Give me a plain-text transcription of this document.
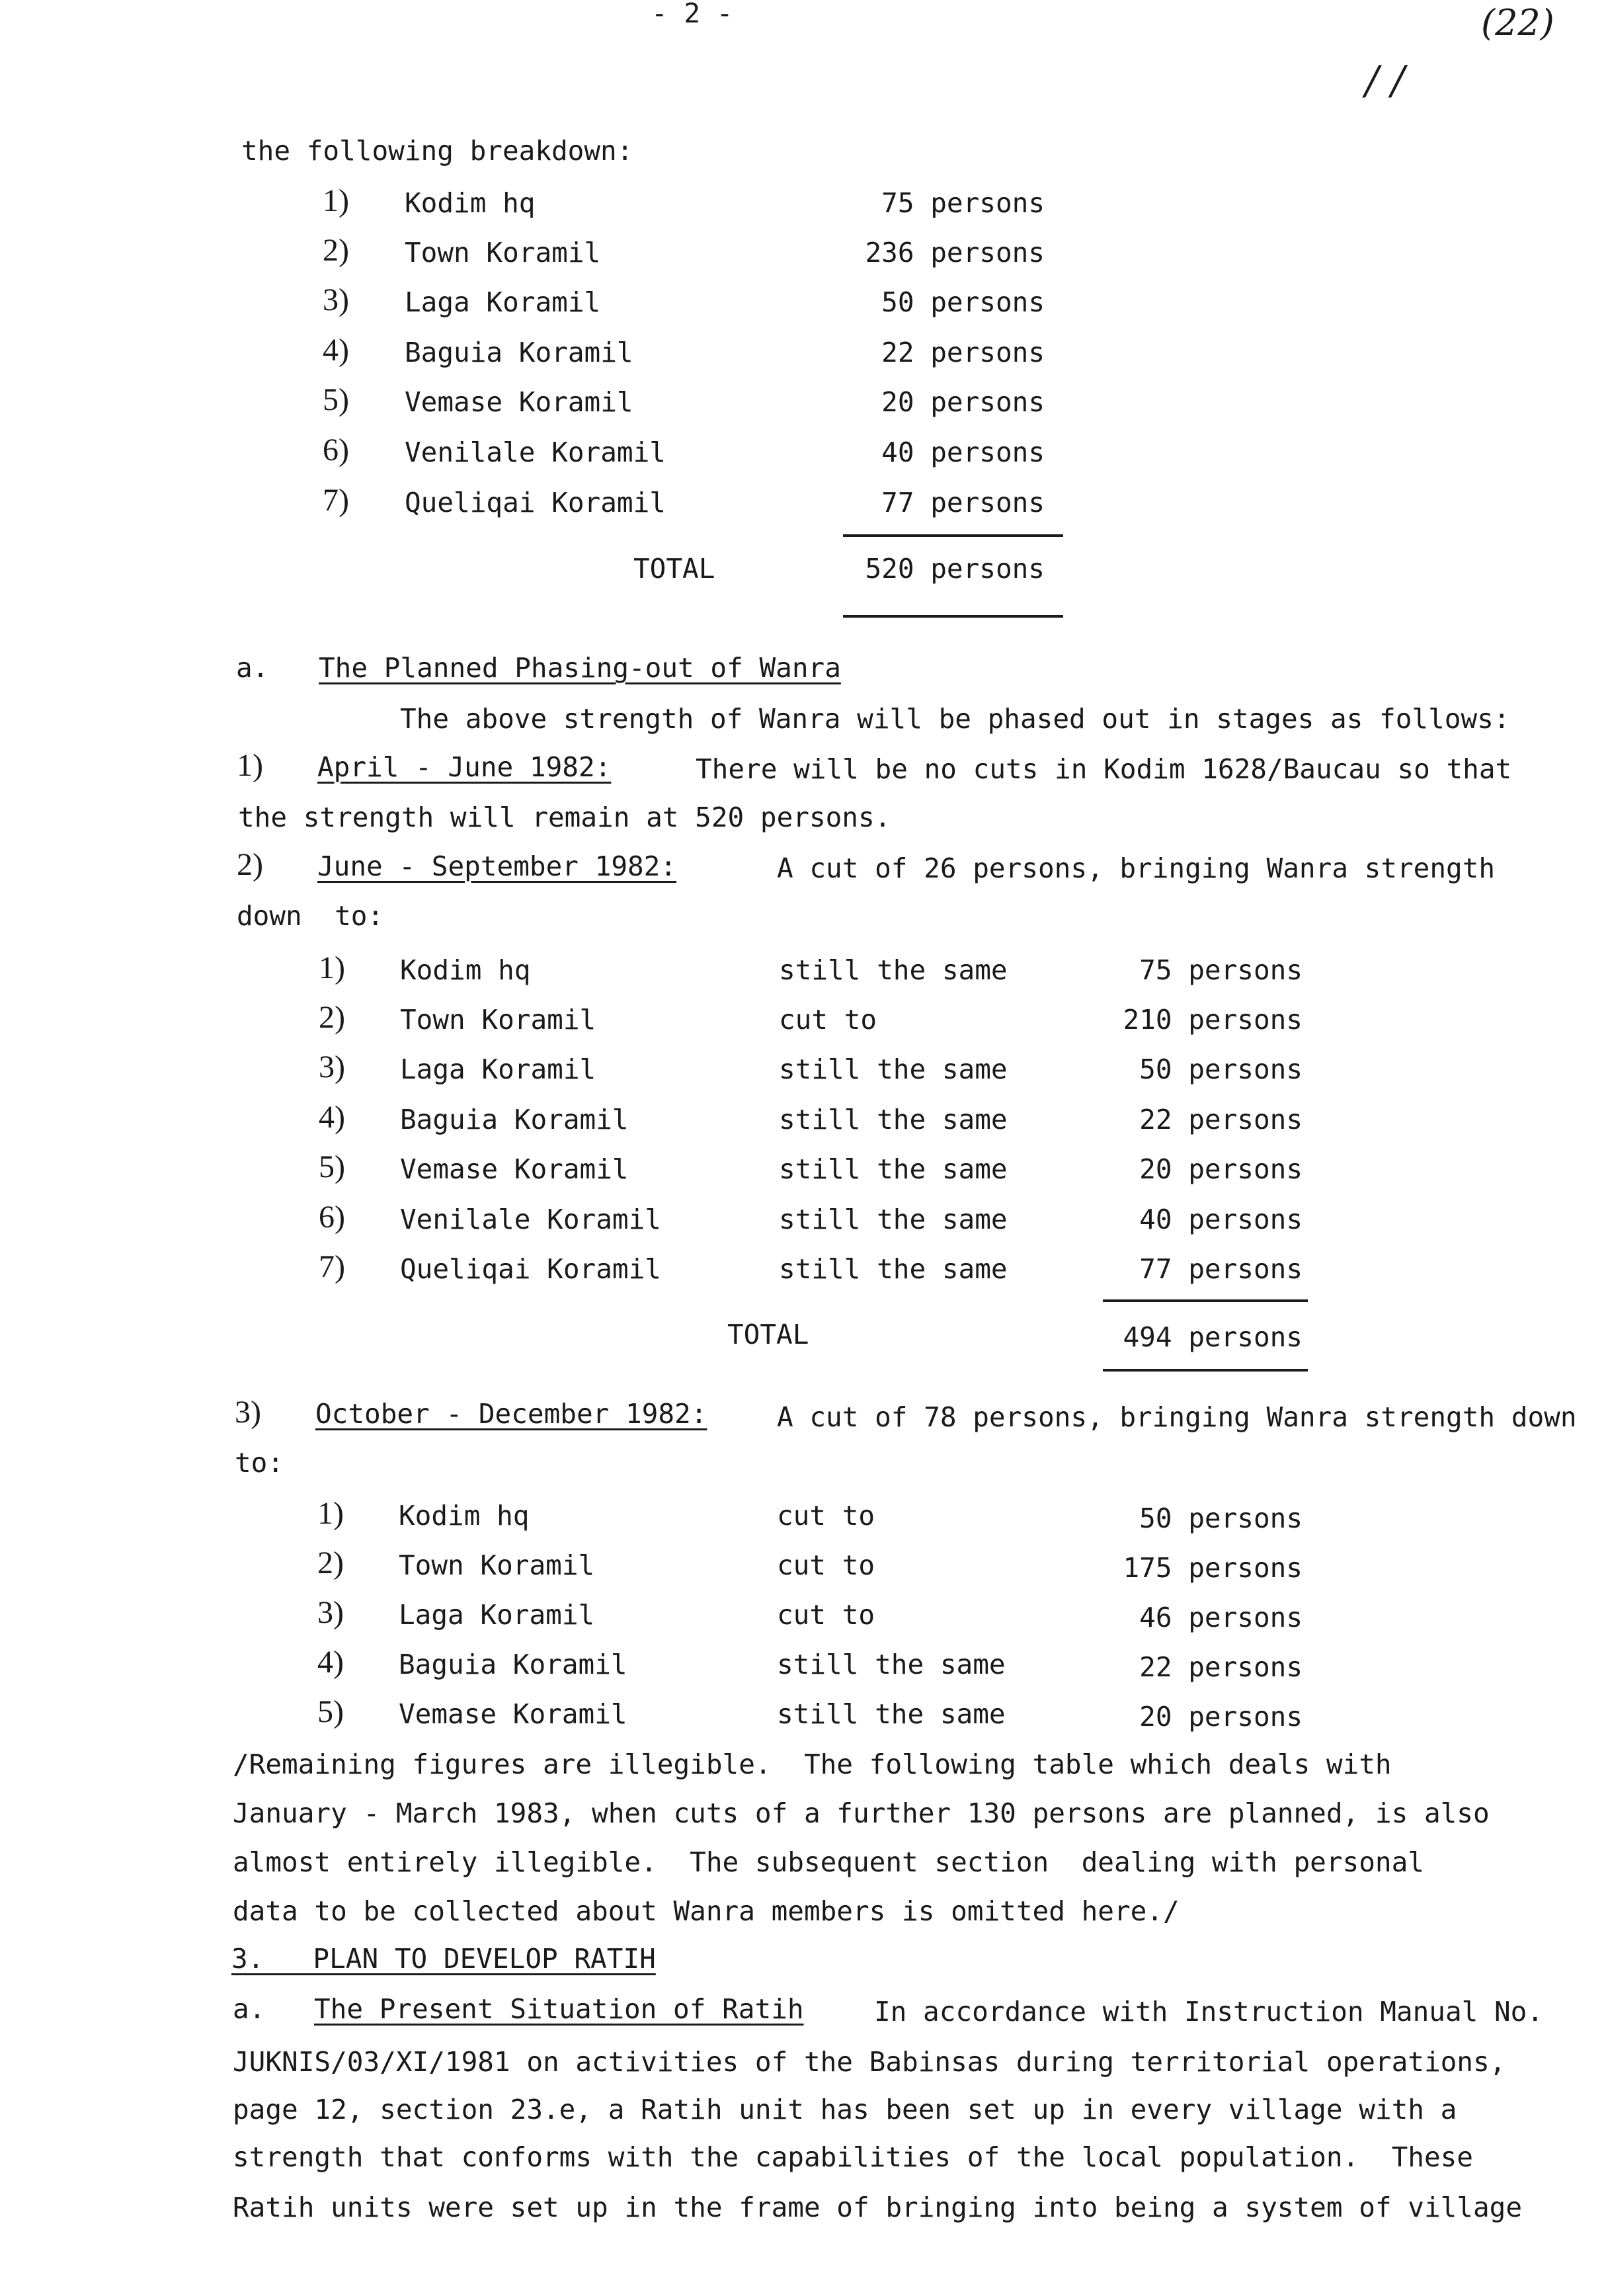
- 2 -	(22)
/ /
the following breakdown:
1) Kodim hq	75 persons
2) Town Koramil	236 persons
3) Laga Koramil	50 persons
4) Baguia Koramil	22 persons
5) Vemase Koramil	20 persons
6) Venilale Koramil	40 persons
7) Queliqai Koramil	77 persons
TOTAL	520 persons
a. The Planned Phasing-out of Wanra
The above strength of Wanra will be phased out in stages as follows:
1) April - June 1982:	There will be no cuts in Kodim 1628/Baucau so that
the strength will remain at 520 persons.
2) June - September 1982:	A cut of 26 persons, bringing Wanra strength
down  to:
1) Kodim hq	still the same	75 persons
2) Town Koramil	cut to	210 persons
3) Laga Koramil	still the same	50 persons
4) Baguia Koramil	still the same	22 persons
5) Vemase Koramil	still the same	20 persons
6) Venilale Koramil	still the same	40 persons
7) Queliqai Koramil	still the same	77 persons
TOTAL	494 persons
3) October - December 1982:	A cut of 78 persons, bringing Wanra strength down
to:
1) Kodim hq	cut to	50 persons
2) Town Koramil	cut to	175 persons
3) Laga Koramil	cut to	46 persons
4) Baguia Koramil	still the same	22 persons
5) Vemase Koramil	still the same	20 persons
/Remaining figures are illegible.  The following table which deals with
January - March 1983, when cuts of a further 130 persons are planned, is also
almost entirely illegible.  The subsequent section  dealing with personal
data to be collected about Wanra members is omitted here./
3.   PLAN TO DEVELOP RATIH
a. The Present Situation of Ratih	In accordance with Instruction Manual No.
JUKNIS/03/XI/1981 on activities of the Babinsas during territorial operations,
page 12, section 23.e, a Ratih unit has been set up in every village with a
strength that conforms with the capabilities of the local population.  These
Ratih units were set up in the frame of bringing into being a system of village
